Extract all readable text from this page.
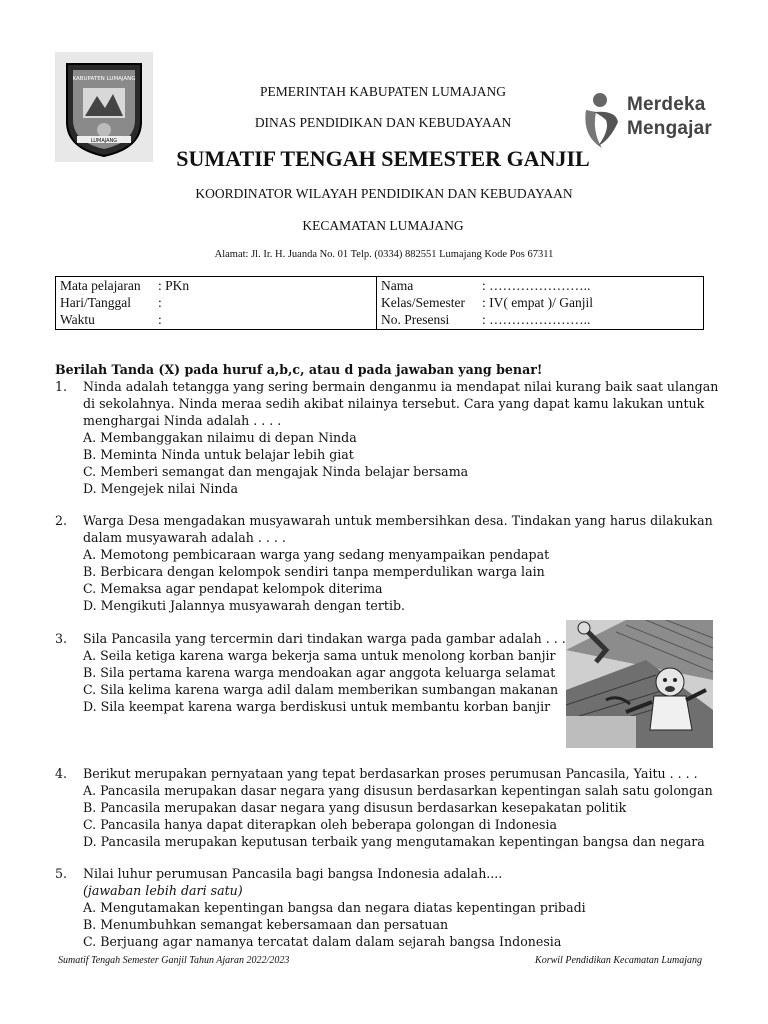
KABUPATEN LUMAJANG
LUMAJANG
PEMERINTAH KABUPATEN LUMAJANG
DINAS PENDIDIKAN DAN KEBUDAYAAN
SUMATIF TENGAH SEMESTER GANJIL
KOORDINATOR WILAYAH PENDIDIKAN DAN KEBUDAYAAN
KECAMATAN LUMAJANG
Alamat: Jl. Ir. H. Juanda No. 01 Telp. (0334) 882551 Lumajang Kode Pos 67311
Merdeka
Mengajar
Mata pelajaran : PKn
Hari/Tanggal :
Waktu	:
Nama	: …………………..
Kelas/Semester : IV( empat )/ Ganjil
No. Presensi : …………………..
Berilah Tanda (X) pada huruf a,b,c, atau d pada jawaban yang benar!
1. Ninda adalah tetangga yang sering bermain denganmu ia mendapat nilai kurang baik saat ulangan
di sekolahnya. Ninda meraa sedih akibat nilainya tersebut. Cara yang dapat kamu lakukan untuk
menghargai Ninda adalah . . . .
A. Membanggakan nilaimu di depan Ninda
B. Meminta Ninda untuk belajar lebih giat
C. Memberi semangat dan mengajak Ninda belajar bersama
D. Mengejek nilai Ninda
2. Warga Desa mengadakan musyawarah untuk membersihkan desa. Tindakan yang harus dilakukan
dalam musyawarah adalah . . . .
A. Memotong pembicaraan warga yang sedang menyampaikan pendapat
B. Berbicara dengan kelompok sendiri tanpa memperdulikan warga lain
C. Memaksa agar pendapat kelompok diterima
D. Mengikuti Jalannya musyawarah dengan tertib.
3. Sila Pancasila yang tercermin dari tindakan warga pada gambar adalah . . .
A. Seila ketiga karena warga bekerja sama untuk menolong korban banjir
B. Sila pertama karena warga mendoakan agar anggota keluarga selamat
C. Sila kelima karena warga adil dalam memberikan sumbangan makanan
D. Sila keempat karena warga berdiskusi untuk membantu korban banjir
4. Berikut merupakan pernyataan yang tepat berdasarkan proses perumusan Pancasila, Yaitu . . . .
A. Pancasila merupakan dasar negara yang disusun berdasarkan kepentingan salah satu golongan
B. Pancasila merupakan dasar negara yang disusun berdasarkan kesepakatan politik
C. Pancasila hanya dapat diterapkan oleh beberapa golongan di Indonesia
D. Pancasila merupakan keputusan terbaik yang mengutamakan kepentingan bangsa dan negara
5. Nilai luhur perumusan Pancasila bagi bangsa Indonesia adalah....
(jawaban lebih dari satu)
A. Mengutamakan kepentingan bangsa dan negara diatas kepentingan pribadi
B. Menumbuhkan semangat kebersamaan dan persatuan
C. Berjuang agar namanya tercatat dalam dalam sejarah bangsa Indonesia
Sumatif Tengah Semester Ganjil Tahun Ajaran 2022/2023	Korwil Pendidikan Kecamatan Lumajang
